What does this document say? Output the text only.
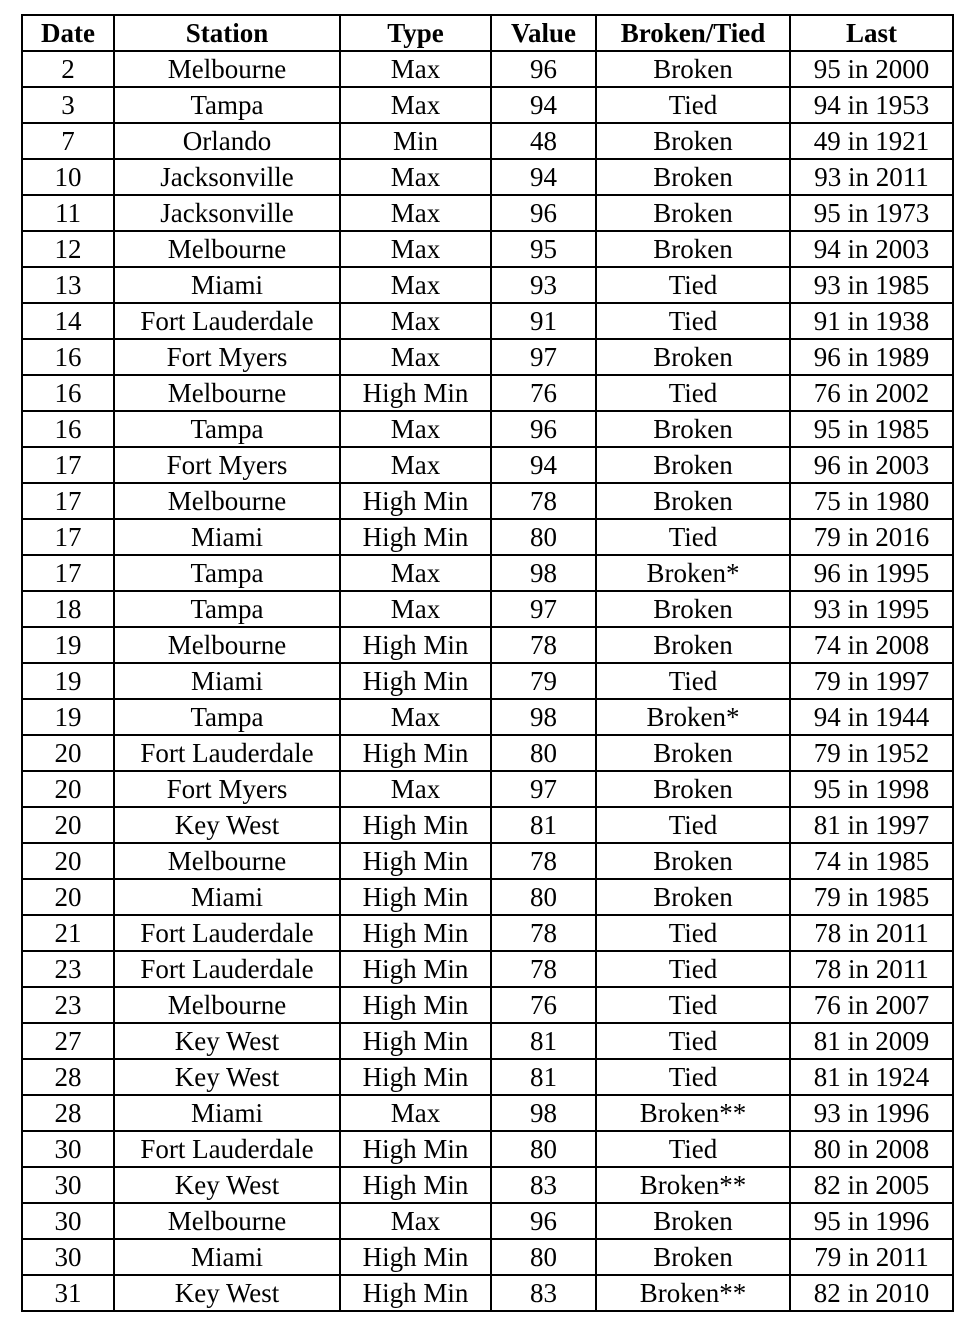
Date	Station	Type	Value	Broken/Tied	Last
2	Melbourne	Max	96	Broken	95 in 2000
3	Tampa	Max	94	Tied	94 in 1953
7	Orlando	Min	48	Broken	49 in 1921
10	Jacksonville	Max	94	Broken	93 in 2011
11	Jacksonville	Max	96	Broken	95 in 1973
12	Melbourne	Max	95	Broken	94 in 2003
13	Miami	Max	93	Tied	93 in 1985
14	Fort Lauderdale	Max	91	Tied	91 in 1938
16	Fort Myers	Max	97	Broken	96 in 1989
16	Melbourne	High Min	76	Tied	76 in 2002
16	Tampa	Max	96	Broken	95 in 1985
17	Fort Myers	Max	94	Broken	96 in 2003
17	Melbourne	High Min	78	Broken	75 in 1980
17	Miami	High Min	80	Tied	79 in 2016
17	Tampa	Max	98	Broken*	96 in 1995
18	Tampa	Max	97	Broken	93 in 1995
19	Melbourne	High Min	78	Broken	74 in 2008
19	Miami	High Min	79	Tied	79 in 1997
19	Tampa	Max	98	Broken*	94 in 1944
20	Fort Lauderdale	High Min	80	Broken	79 in 1952
20	Fort Myers	Max	97	Broken	95 in 1998
20	Key West	High Min	81	Tied	81 in 1997
20	Melbourne	High Min	78	Broken	74 in 1985
20	Miami	High Min	80	Broken	79 in 1985
21	Fort Lauderdale	High Min	78	Tied	78 in 2011
23	Fort Lauderdale	High Min	78	Tied	78 in 2011
23	Melbourne	High Min	76	Tied	76 in 2007
27	Key West	High Min	81	Tied	81 in 2009
28	Key West	High Min	81	Tied	81 in 1924
28	Miami	Max	98	Broken**	93 in 1996
30	Fort Lauderdale	High Min	80	Tied	80 in 2008
30	Key West	High Min	83	Broken**	82 in 2005
30	Melbourne	Max	96	Broken	95 in 1996
30	Miami	High Min	80	Broken	79 in 2011
31	Key West	High Min	83	Broken**	82 in 2010
